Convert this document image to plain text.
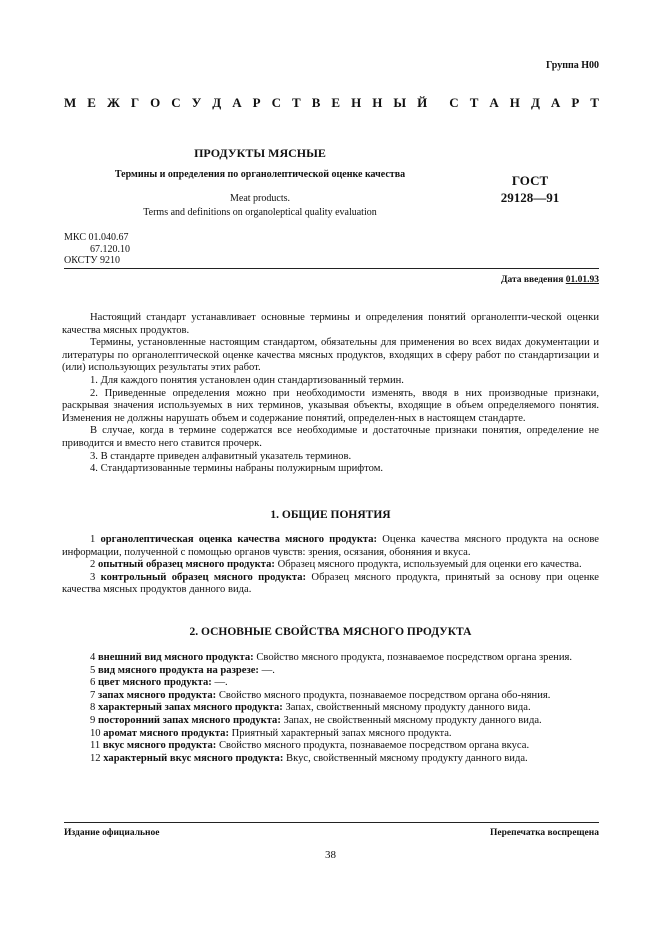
Группа Н00
М Е Ж Г О С У Д А Р С Т В Е Н Н Ы Й С Т А Н Д А Р Т
ПРОДУКТЫ МЯСНЫЕ
Термины и определения по органолептической оценке качества
Meat products.
Terms and definitions on organoleptical quality evaluation
ГОСТ
29128—91
МКС 01.040.67
67.120.10
ОКСТУ 9210
Дата введения 01.01.93

Настоящий стандарт устанавливает основные термины и определения понятий органолепти-ческой оценки качества мясных продуктов.

Термины, установленные настоящим стандартом, обязательны для применения во всех видах документации и литературы по органолептической оценке качества мясных продуктов, входящих в сферу работ по стандартизации и (или) использующих результаты этих работ.

1. Для каждого понятия установлен один стандартизованный термин.

2. Приведенные определения можно при необходимости изменять, вводя в них производные признаки, раскрывая значения используемых в них терминов, указывая объекты, входящие в объем определяемого понятия. Изменения не должны нарушать объем и содержание понятий, определен-ных в настоящем стандарте.

В случае, когда в термине содержатся все необходимые и достаточные признаки понятия, определение не приводится и вместо него ставится прочерк.

3. В стандарте приведен алфавитный указатель терминов.

4. Стандартизованные термины набраны полужирным шрифтом.

1. ОБЩИЕ ПОНЯТИЯ

1 органолептическая оценка качества мясного продукта: Оценка качества мясного продукта на основе информации, полученной с помощью органов чувств: зрения, осязания, обоняния и вкуса.

2 опытный образец мясного продукта: Образец мясного продукта, используемый для оценки его качества.

3 контрольный образец мясного продукта: Образец мясного продукта, принятый за основу при оценке качества мясных продуктов данного вида.

2. ОСНОВНЫЕ СВОЙСТВА МЯСНОГО ПРОДУКТА

4 внешний вид мясного продукта: Свойство мясного продукта, познаваемое посредством органа зрения.

5 вид мясного продукта на разрезе: —.

6 цвет мясного продукта: —.

7 запах мясного продукта: Свойство мясного продукта, познаваемое посредством органа обо-няния.

8 характерный запах мясного продукта: Запах, свойственный мясному продукту данного вида.

9 посторонний запах мясного продукта: Запах, не свойственный мясному продукту данного вида.

10 аромат мясного продукта: Приятный характерный запах мясного продукта.

11 вкус мясного продукта: Свойство мясного продукта, познаваемое посредством органа вкуса.

12 характерный вкус мясного продукта: Вкус, свойственный мясному продукту данного вида.

Издание официальное	Перепечатка воспрещена
38
